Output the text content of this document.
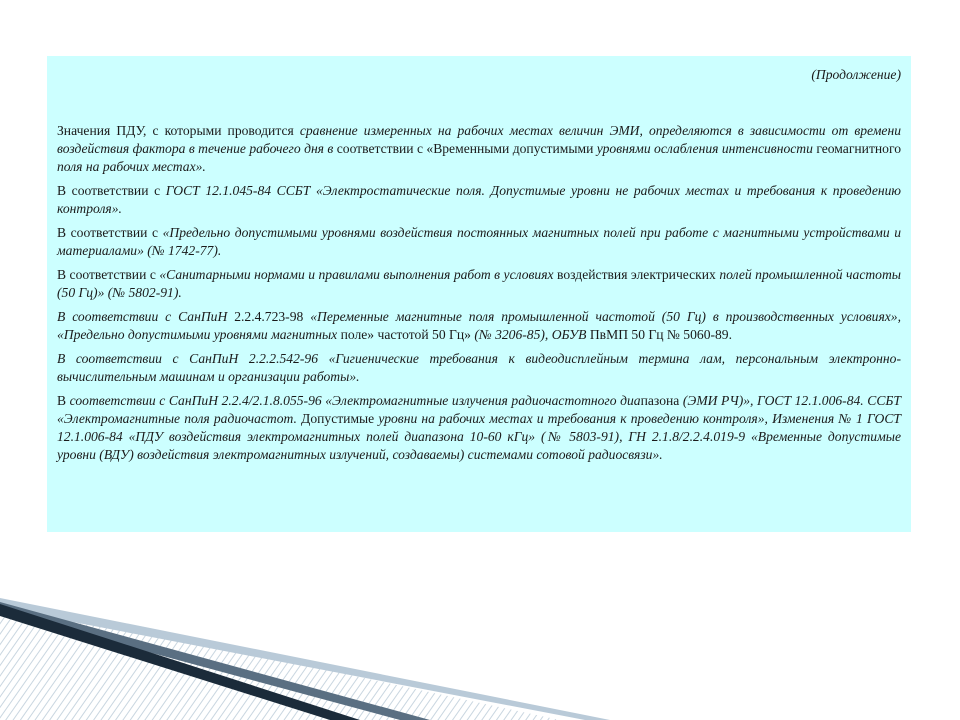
(Продолжение)

Значения ПДУ, с которыми проводится сравнение измеренных на рабочих местах величин ЭМИ, определяются в зависимости от времени воздействия фактора в течение рабочего дня в соответствии с «Временными допустимыми уровнями ослабления интенсивности геомагнитного поля на рабочих местах».

В соответствии с ГОСТ 12.1.045-84 ССБТ «Электростатические поля. Допустимые уровни не рабочих местах и требования к проведению контроля».

В соответствии с «Предельно допустимыми уровнями воздействия постоянных магнитных полей при работе с магнитными устройствами и материалами» (№ 1742-77).

В соответствии с «Санитарными нормами и правилами выполнения работ в условиях воздействия электрических полей промышленной частоты (50 Гц)» (№ 5802-91).

В соответствии с СанПиН 2.2.4.723-98 «Переменные магнитные поля промышленной частотой (50 Гц) в производственных условиях», «Предельно допустимыми уровнями магнитных поле» частотой 50 Гц» (№ 3206-85), ОБУВ ПвМП 50 Гц № 5060-89.

В соответствии с СанПиН 2.2.2.542-96 «Гигиенические требования к видеодисплейным термина лам, персональным электронно-вычислительным машинам и организации работы».

В соответствии с СанПиН 2.2.4/2.1.8.055-96 «Электромагнитные излучения радиочастотного диапазона (ЭМИ РЧ)», ГОСТ 12.1.006-84. ССБТ «Электромагнитные поля радиочастот. Допустимые уровни на рабочих местах и требования к проведению контроля», Изменения № 1 ГОСТ 12.1.006-84 «ПДУ воздействия электромагнитных полей диапазона 10-60 кГц» (№ 5803-91), ГН 2.1.8/2.2.4.019-9 «Временные допустимые уровни (ВДУ) воздействия электромагнитных излучений, создаваемы) системами сотовой радиосвязи».
